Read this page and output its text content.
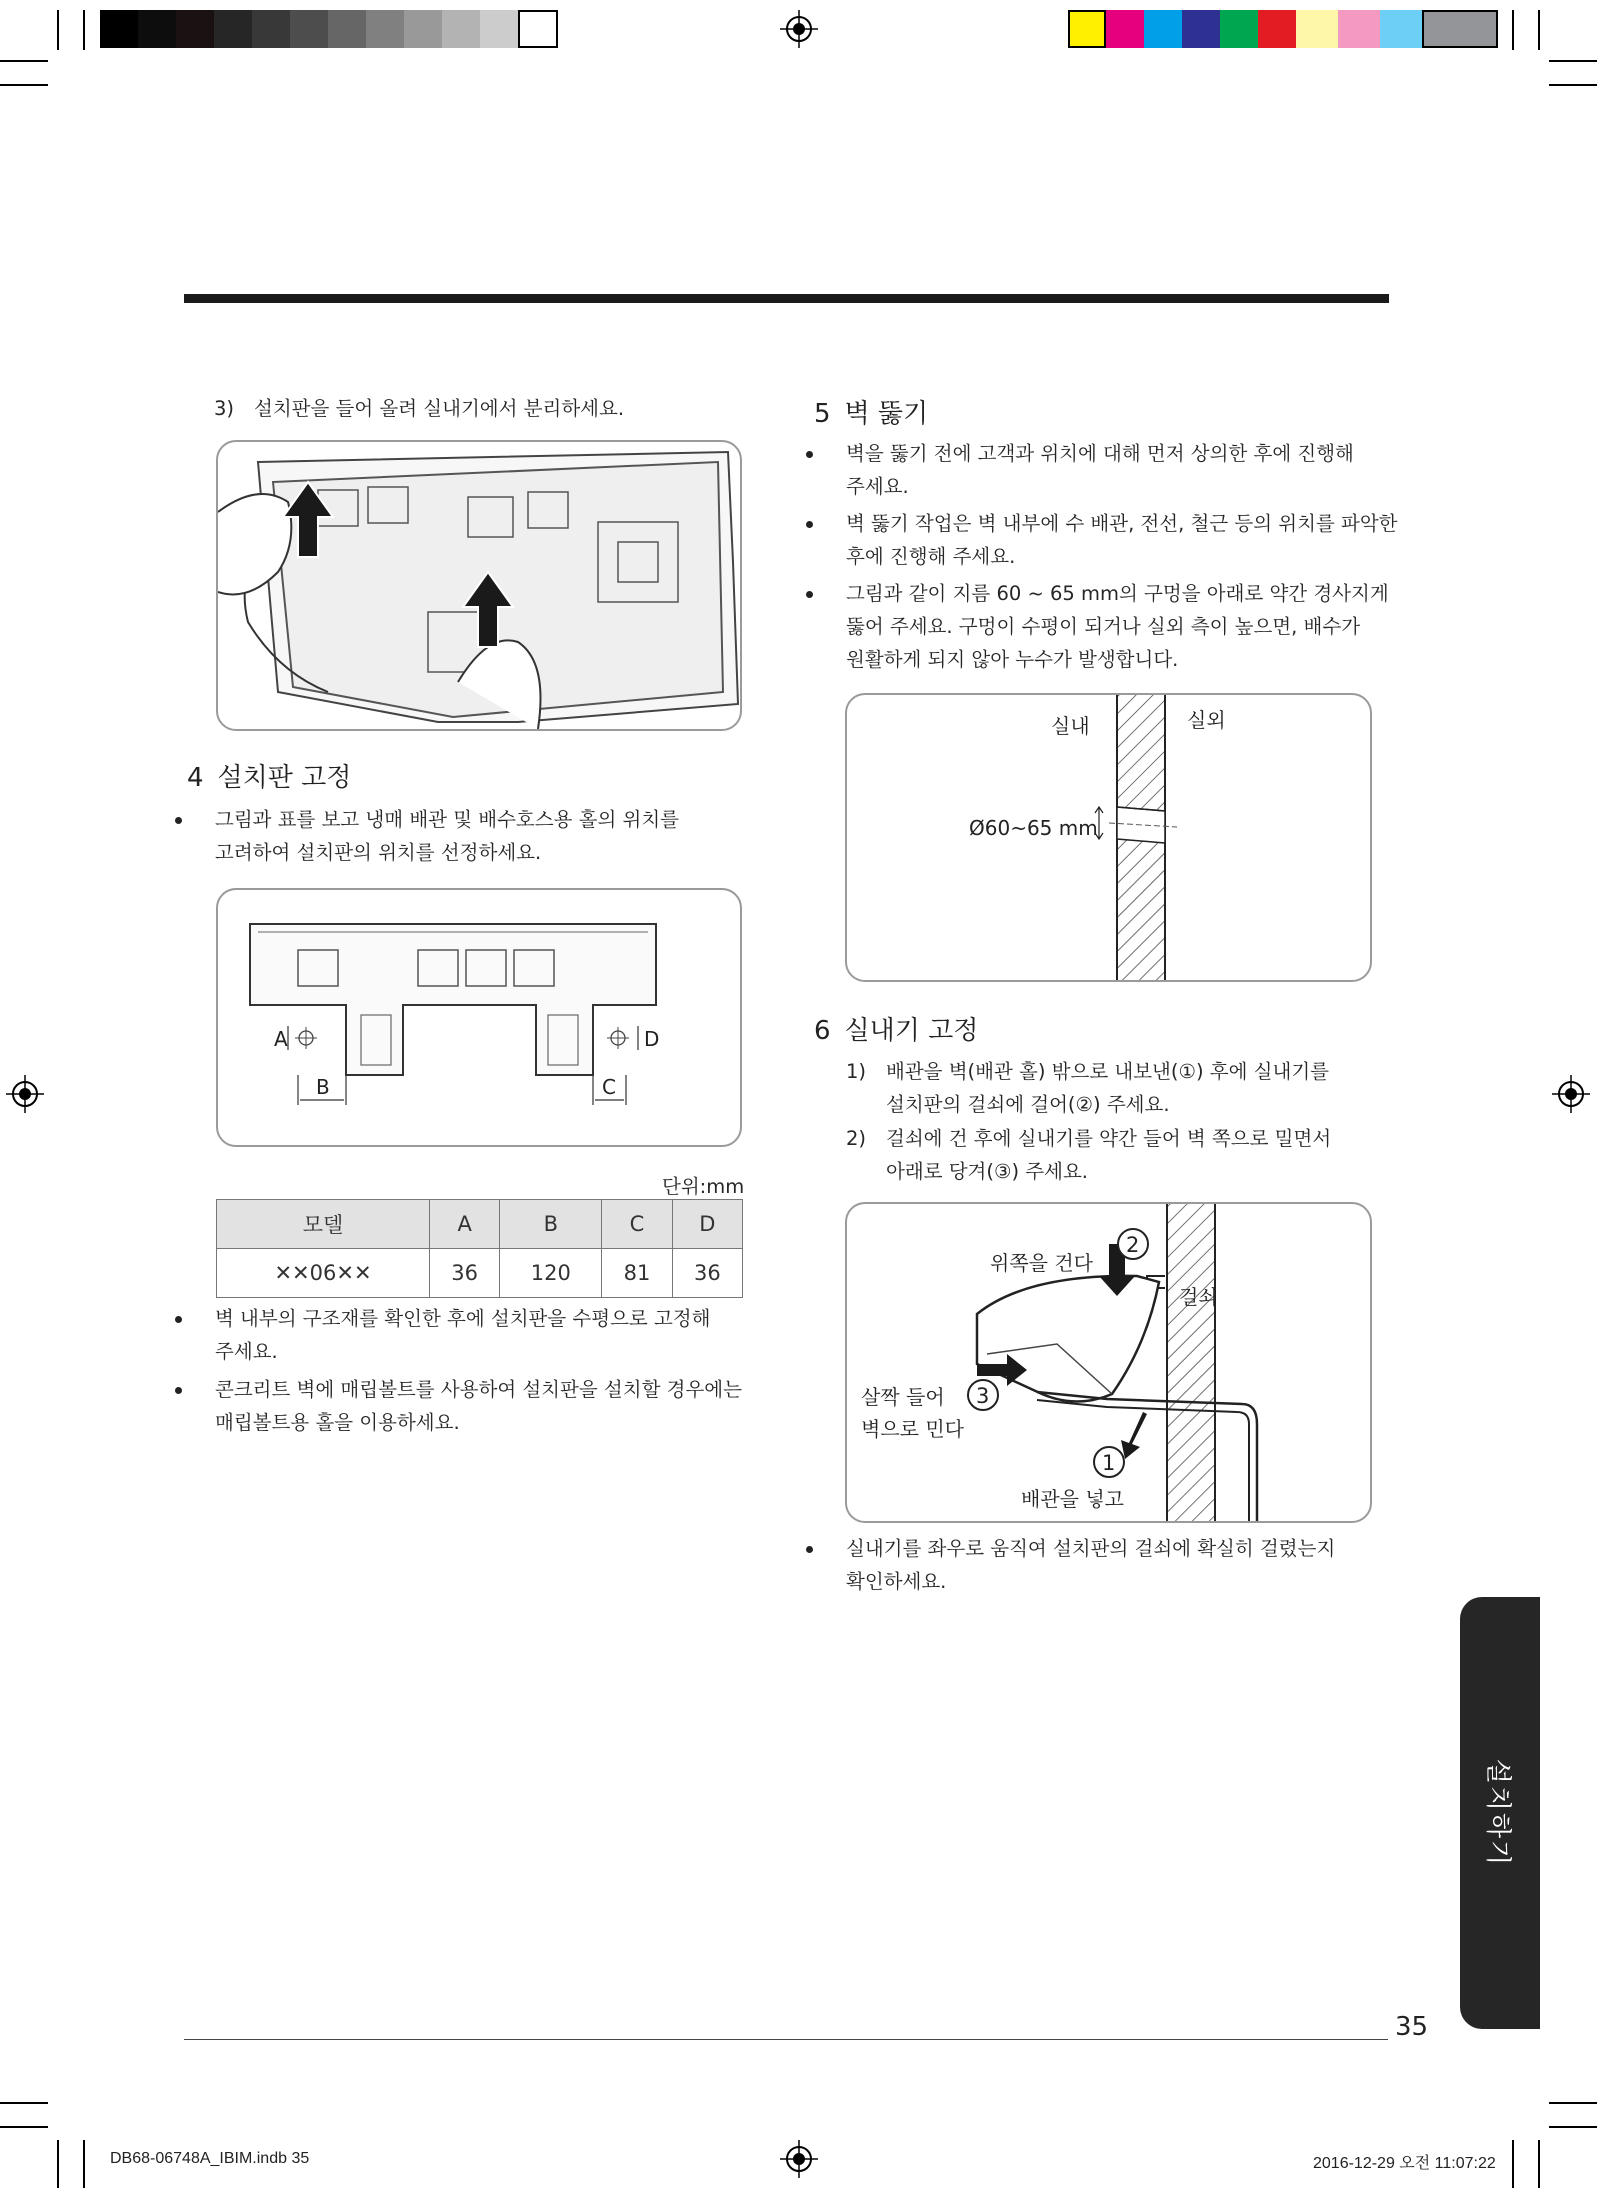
3) 설치판을 들어 올려 실내기에서 분리하세요.
4 설치판 고정
그림과 표를 보고 냉매 배관 및 배수호스용 홀의 위치를
고려하여 설치판의 위치를 선정하세요.
A
B	C
D
단위:mm
모델	A	B	C	D
✕✕06✕✕	36	120	81	36
벽 내부의 구조재를 확인한 후에 설치판을 수평으로 고정해
주세요.
콘크리트 벽에 매립볼트를 사용하여 설치판을 설치할 경우에는
매립볼트용 홀을 이용하세요.
5 벽 뚫기
벽을 뚫기 전에 고객과 위치에 대해 먼저 상의한 후에 진행해
주세요.
벽 뚫기 작업은 벽 내부에 수 배관, 전선, 철근 등의 위치를 파악한
후에 진행해 주세요.
그림과 같이 지름 60 ~ 65 mm의 구멍을 아래로 약간 경사지게
뚫어 주세요. 구멍이 수평이 되거나 실외 측이 높으면, 배수가
원활하게 되지 않아 누수가 발생합니다.
실내	실외
Ø60~65 mm
6 실내기 고정
1) 배관을 벽(배관 홀) 밖으로 내보낸(①) 후에 실내기를
설치판의 걸쇠에 걸어(②) 주세요.
2) 걸쇠에 건 후에 실내기를 약간 들어 벽 쪽으로 밀면서
아래로 당겨(③) 주세요.
2
3
1
위쪽을 건다
걸쇠
살짝 들어
벽으로 민다
배관을 넣고
실내기를 좌우로 움직여 설치판의 걸쇠에 확실히 걸렸는지
확인하세요.
설치하기
35
DB68-06748A_IBIM.indb 35	2016-12-29 오전 11:07:22
